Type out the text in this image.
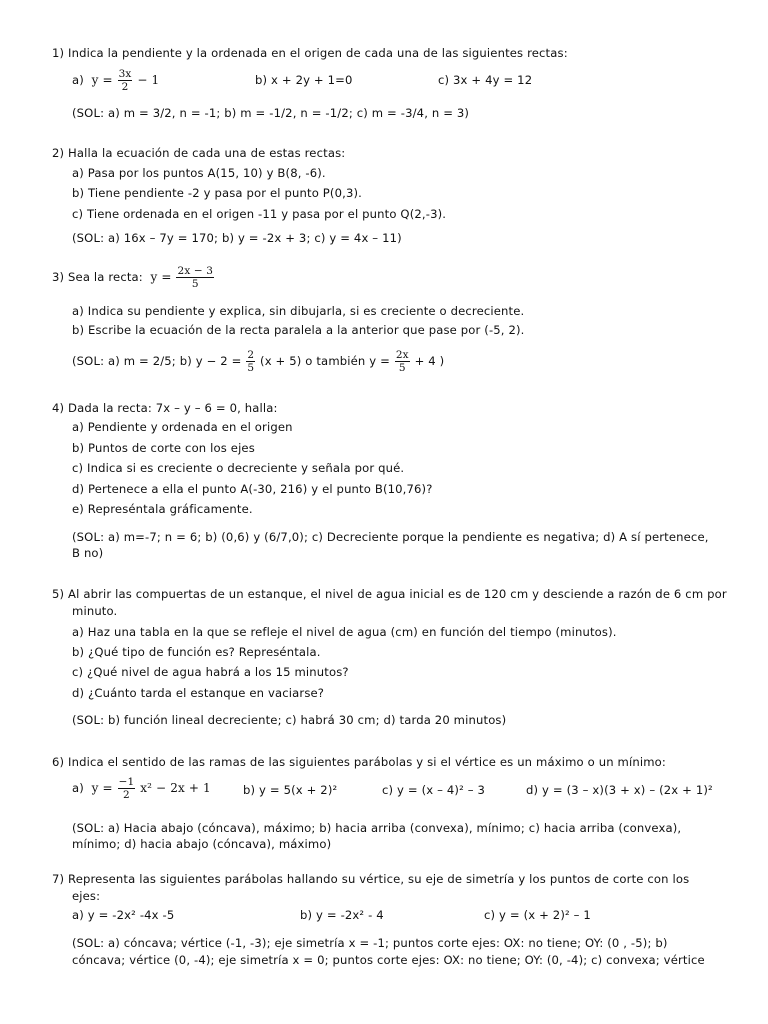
1) Indica la pendiente y la ordenada en el origen de cada una de las siguientes rectas:
a) $y = \frac{3x}{2} - 1$	b) x + 2y + 1=0	c) 3x + 4y = 12
(SOL: a) m = 3/2, n = -1; b) m = -1/2, n = -1/2; c) m = -3/4, n = 3)
2) Halla la ecuación de cada una de estas rectas:
a) Pasa por los puntos A(15, 10) y B(8, -6).
b) Tiene pendiente -2 y pasa por el punto P(0,3).
c) Tiene ordenada en el origen -11 y pasa por el punto Q(2,-3).
(SOL: a) 16x – 7y = 170; b) y = -2x + 3; c) y = 4x – 11)
3) Sea la recta: $y = \frac{2x - 3}{5}$
a) Indica su pendiente y explica, sin dibujarla, si es creciente o decreciente.
b) Escribe la ecuación de la recta paralela a la anterior que pase por (-5, 2).
(SOL: a) m = 2/5; b) $y - 2 = \frac{2}{5} (x + 5)$ o también $y = \frac{2x}{5} + 4$ )
4) Dada la recta: 7x – y – 6 = 0, halla:
a) Pendiente y ordenada en el origen
b) Puntos de corte con los ejes
c) Indica si es creciente o decreciente y señala por qué.
d) Pertenece a ella el punto A(-30, 216) y el punto B(10,76)?
e) Represéntala gráficamente.
(SOL: a) m=-7; n = 6; b) (0,6) y (6/7,0); c) Decreciente porque la pendiente es negativa; d) A sí pertenece,
B no)
5) Al abrir las compuertas de un estanque, el nivel de agua inicial es de 120 cm y desciende a razón de 6 cm por
minuto.
a) Haz una tabla en la que se refleje el nivel de agua (cm) en función del tiempo (minutos).
b) ¿Qué tipo de función es? Represéntala.
c) ¿Qué nivel de agua habrá a los 15 minutos?
d) ¿Cuánto tarda el estanque en vaciarse?
(SOL: b) función lineal decreciente; c) habrá 30 cm; d) tarda 20 minutos)
6) Indica el sentido de las ramas de las siguientes parábolas y si el vértice es un máximo o un mínimo:
a) $y = \frac{-1}{2} x^2 - 2x + 1$	b) y = 5(x + 2)²	c) y = (x – 4)² – 3	d) y = (3 – x)(3 + x) – (2x + 1)²
(SOL: a) Hacia abajo (cóncava), máximo; b) hacia arriba (convexa), mínimo; c) hacia arriba (convexa),
mínimo; d) hacia abajo (cóncava), máximo)
7) Representa las siguientes parábolas hallando su vértice, su eje de simetría y los puntos de corte con los
ejes:
a) y = -2x² -4x -5	b) y = -2x² - 4	c) y = (x + 2)² – 1
(SOL: a) cóncava; vértice (-1, -3); eje simetría x = -1; puntos corte ejes: OX: no tiene; OY: (0 , -5); b)
cóncava; vértice (0, -4); eje simetría x = 0; puntos corte ejes: OX: no tiene; OY: (0, -4); c) convexa; vértice
